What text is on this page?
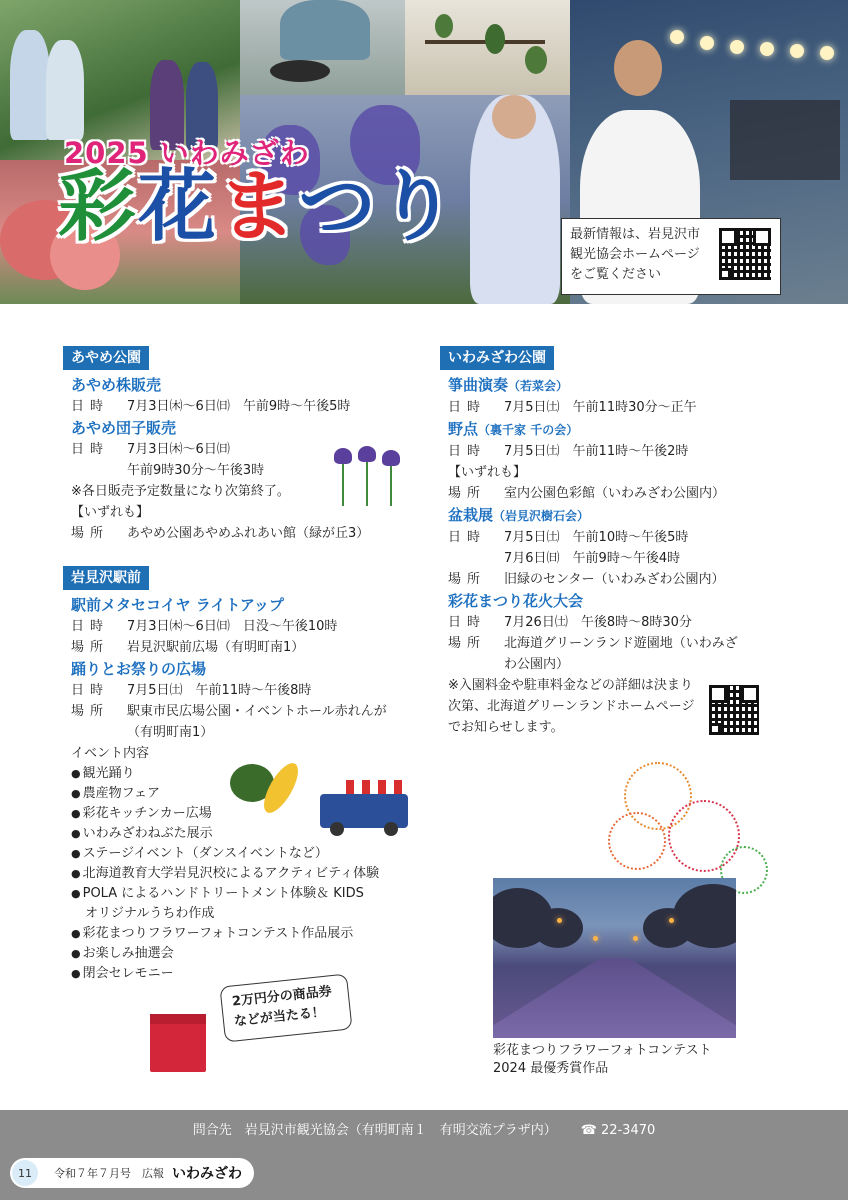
2025 いわみざわ
彩花まつり	最新情報は、岩見沢市観光協会ホームページをご覧ください
あやめ公園
あやめ株販売
日時	7月3日㈭～6日㈰　午前9時～午後5時
あやめ団子販売
日時	7月3日㈭～6日㈰
午前9時30分～午後3時
※各日販売予定数量になり次第終了。
【いずれも】
場所	あやめ公園あやめふれあい館（緑が丘3）
岩見沢駅前
駅前メタセコイヤ ライトアップ
日時	7月3日㈭～6日㈰　日没～午後10時
場所	岩見沢駅前広場（有明町南1）
踊りとお祭りの広場
日時	7月5日㈯　午前11時～午後8時
場所	駅東市民広場公園・イベントホール赤れんが
（有明町南1）
イベント内容
● 観光踊り
● 農産物フェア
● 彩花キッチンカー広場
● いわみざわねぶた展示
● ステージイベント（ダンスイベントなど）
● 北海道教育大学岩見沢校によるアクティビティ体験
● POLA によるハンドトリートメント体験＆ KIDS
オリジナルうちわ作成
● 彩花まつりフラワーフォトコンテスト作品展示
● お楽しみ抽選会
● 閉会セレモニー
2万円分の商品券などが当たる！
いわみざわ公園
箏曲演奏（若菜会）
日時	7月5日㈯　午前11時30分～正午
野点（裏千家 千の会）
日時	7月5日㈯　午前11時～午後2時
【いずれも】
場所	室内公園色彩館（いわみざわ公園内）
盆栽展（岩見沢樹石会）
日時	7月5日㈯　午前10時～午後5時
7月6日㈰　午前9時～午後4時
場所	旧緑のセンター（いわみざわ公園内）
彩花まつり花火大会
日時	7月26日㈯　午後8時～8時30分
場所	北海道グリーンランド遊園地（いわみざ
わ公園内）
※入園料金や駐車料金などの詳細は決まり次第、北海道グリーンランドホームページでお知らせします。
彩花まつりフラワーフォトコンテスト
2024 最優秀賞作品
問合先　岩見沢市観光協会（有明町南１　有明交流プラザ内） ☎ 22-3470
11	令和７年７月号　広報 いわみざわ
